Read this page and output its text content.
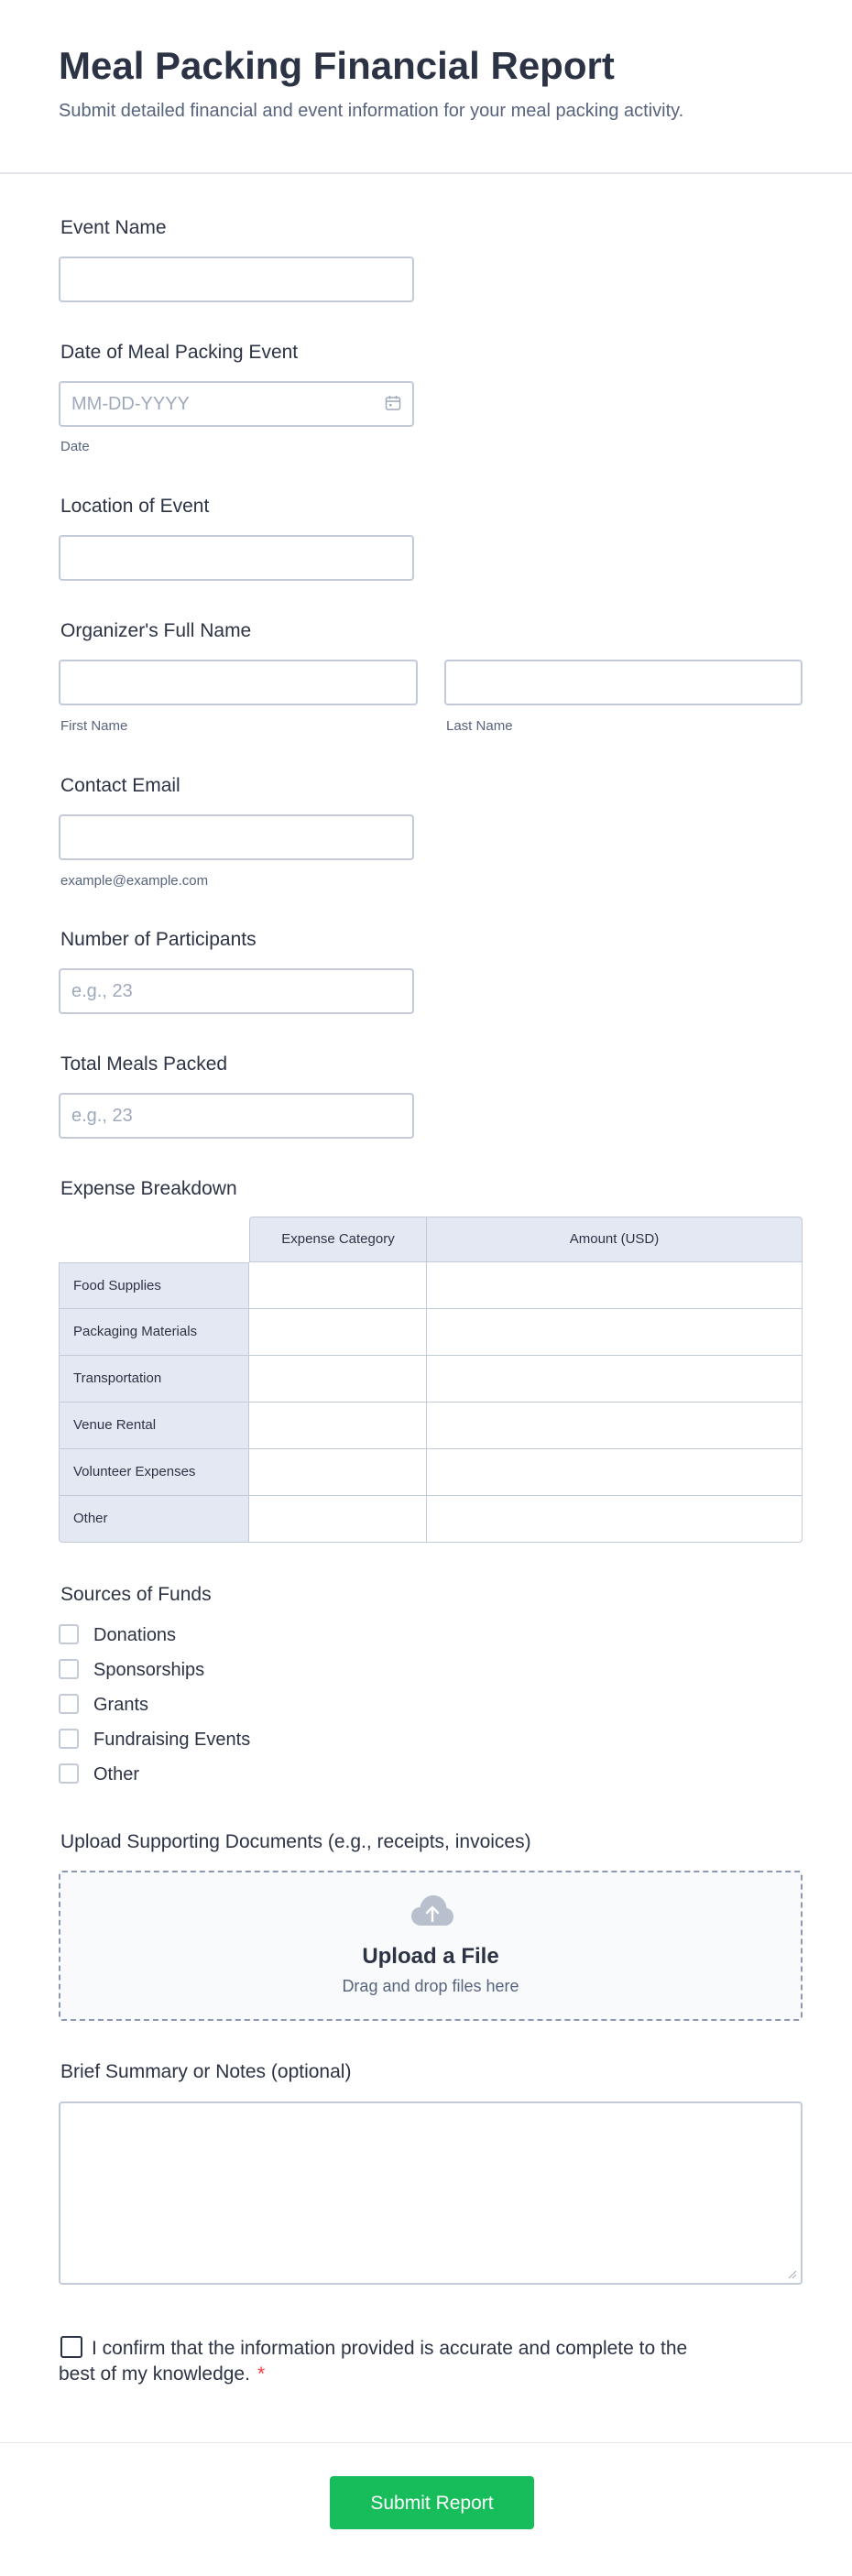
Meal Packing Financial Report
Submit detailed financial and event information for your meal packing activity.
Event Name
Date of Meal Packing Event
MM-DD-YYYY
Date
Location of Event
Organizer's Full Name
First Name	Last Name
Contact Email
example@example.com
Number of Participants
e.g., 23
Total Meals Packed
e.g., 23
Expense Breakdown
Expense Category	Amount (USD)
Food Supplies
Packaging Materials
Transportation
Venue Rental
Volunteer Expenses
Other
Sources of Funds
Donations
Sponsorships
Grants
Fundraising Events
Other
Upload Supporting Documents (e.g., receipts, invoices)
Upload a File
Drag and drop files here
Brief Summary or Notes (optional)
I confirm that the information provided is accurate and complete to the best of my knowledge. *
Submit Report
